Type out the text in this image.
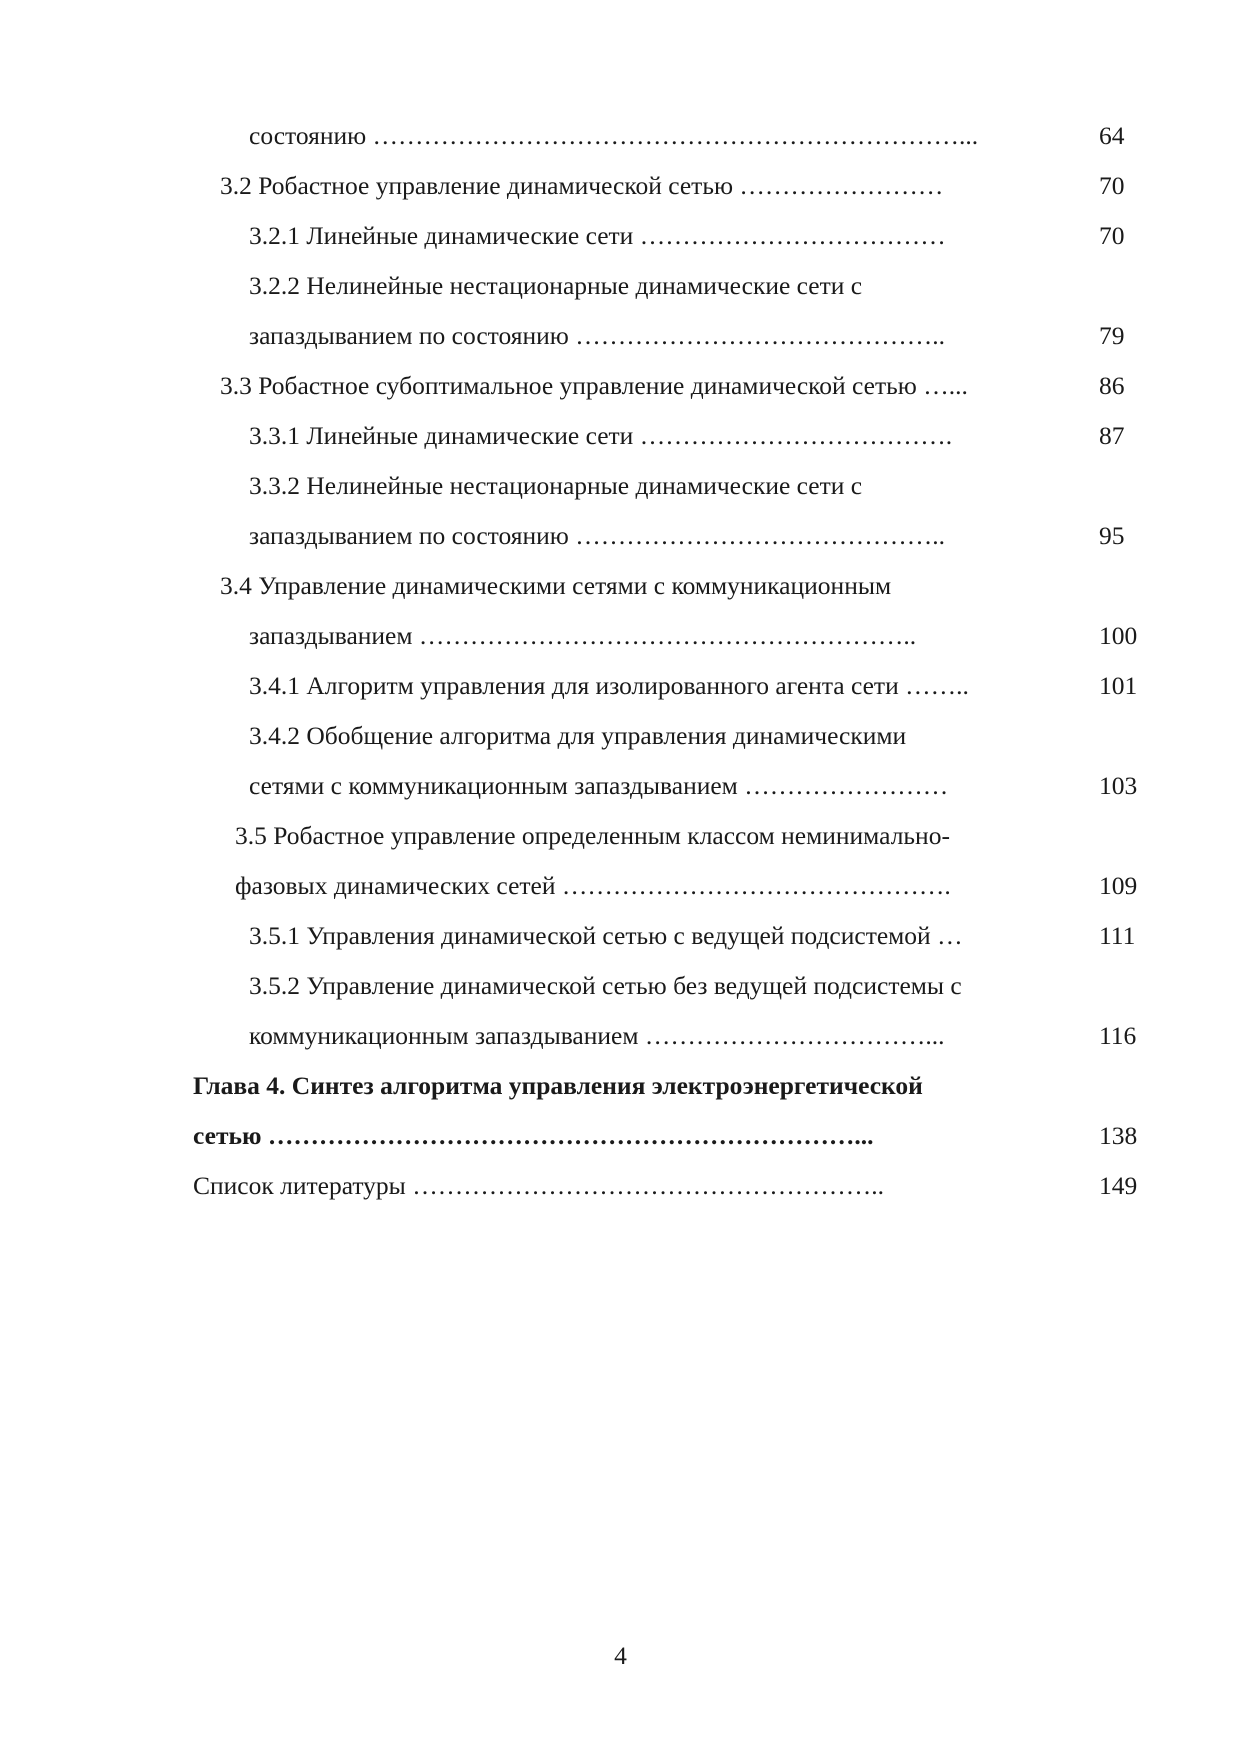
состоянию ……………………………………………………………...	64
3.2 Робастное управление динамической сетью ……………………	70
3.2.1 Линейные динамические сети ………………………………	70
3.2.2 Нелинейные нестационарные динамические сети с
запаздыванием по состоянию ……………………………………..	79
3.3 Робастное субоптимальное управление динамической сетью …...	86
3.3.1 Линейные динамические сети ……………………………….	87
3.3.2 Нелинейные нестационарные динамические сети с
запаздыванием по состоянию ……………………………………..	95
3.4 Управление динамическими сетями с коммуникационным
запаздыванием …………………………………………………..	100
3.4.1 Алгоритм управления для изолированного агента сети ……..	101
3.4.2 Обобщение алгоритма для управления динамическими
сетями с коммуникационным запаздыванием ……………………	103
3.5 Робастное управление определенным классом неминимально-
фазовых динамических сетей ……………………………………….	109
3.5.1 Управления динамической сетью с ведущей подсистемой …	111
3.5.2 Управление динамической сетью без ведущей подсистемы с
коммуникационным запаздыванием ……………………………...	116
Глава 4. Синтез алгоритма управления электроэнергетической
сетью ……………………………………………………………...	138
Список литературы ………………………………………………..	149
4
